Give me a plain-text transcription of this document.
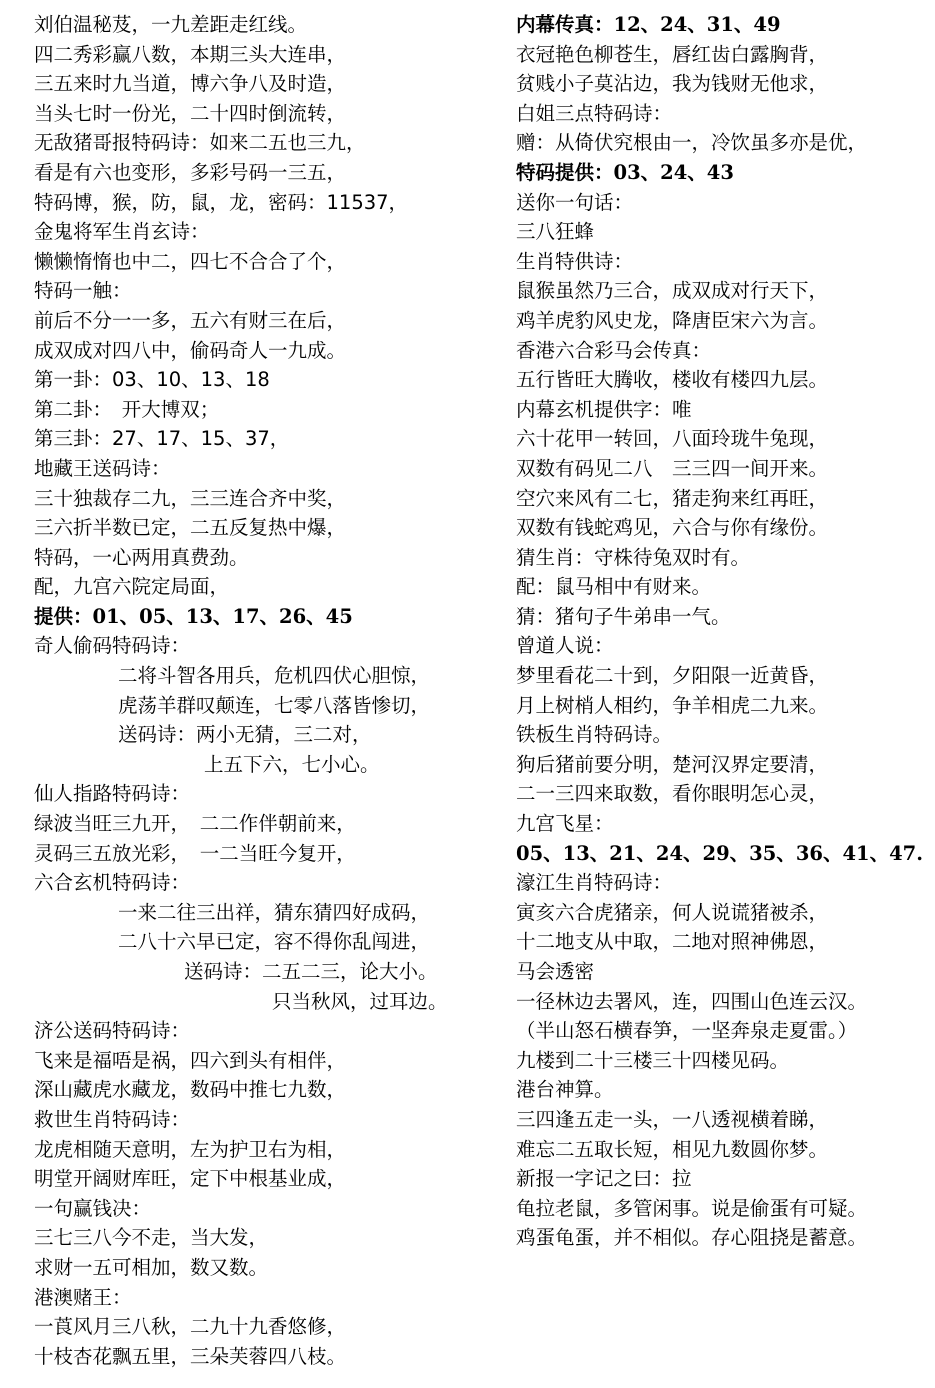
刘伯温秘芨，一九差距走红线。
四二秀彩赢八数，本期三头大连串，
三五来时九当道，博六争八及时造，
当头七时一份光，二十四时倒流转，
无敌猪哥报特码诗：如来二五也三九，
看是有六也变形，多彩号码一三五，
特码博，猴，防，鼠，龙，密码：11537，
金鬼将军生肖玄诗：
懒懒惰惰也中二，四七不合合了个，
特码一触：
前后不分一一多，五六有财三在后，
成双成对四八中，偷码奇人一九成。
第一卦：03、10、13、18
第二卦：　开大博双；
第三卦：27、17、15、37，
地藏王送码诗：
三十独裁存二九，三三连合齐中奖，
三六折半数已定，二五反复热中爆，
特码，一心两用真费劲。
配，九宫六院定局面，
提供：01、05、13、17、26、45
奇人偷码特码诗：
二将斗智各用兵，危机四伏心胆惊，
虎荡羊群叹颠连，七零八落皆惨切，
送码诗：两小无猜，三二对，
上五下六，七小心。
仙人指路特码诗：
绿波当旺三九开，　二二作伴朝前来，
灵码三五放光彩，　一二当旺今复开，
六合玄机特码诗：
一来二往三出祥，猜东猜四好成码，
二八十六早已定，容不得你乱闯进，
送码诗：二五二三，论大小。
只当秋风，过耳边。
济公送码特码诗：
飞来是福唔是祸，四六到头有相伴，
深山藏虎水藏龙，数码中推七九数，
救世生肖特码诗：
龙虎相随天意明，左为护卫右为相，
明堂开阔财库旺，定下中根基业成，
一句赢钱决：
三七三八今不走，当大发，
求财一五可相加，数又数。
港澳赌王：
一莨风月三八秋，二九十九香悠修，
十枝杏花飘五里，三朵芙蓉四八枝。
内幕传真：12、24、31、49
衣冠艳色柳苍生，唇红齿白露胸背，
贫贱小子莫沾边，我为钱财无他求，
白姐三点特码诗：
赠：从倚伏究根由一，冷饮虽多亦是优，
特码提供：03、24、43
送你一句话：
三八狂蜂
生肖特供诗：
鼠猴虽然乃三合，成双成对行天下，
鸡羊虎豹风史龙，降唐臣宋六为言。
香港六合彩马会传真：
五行皆旺大腾收，楼收有楼四九层。
内幕玄机提供字：唯
六十花甲一转回，八面玲珑牛兔现，
双数有码见二八　三三四一间开来。
空穴来风有二七，猪走狗来红再旺，
双数有钱蛇鸡见，六合与你有缘份。
猜生肖：守株待兔双时有。
配：鼠马相中有财来。
猜：猪句子牛弟串一气。
曾道人说：
梦里看花二十到，夕阳限一近黄昏，
月上树梢人相约，争羊相虎二九来。
铁板生肖特码诗。
狗后猪前要分明，楚河汉界定要清，
二一三四来取数，看你眼明怎心灵，
九宫飞星：
05、13、21、24、29、35、36、41、47.
濠江生肖特码诗：
寅亥六合虎猪亲，何人说谎猪被杀，
十二地支从中取，二地对照神佛恩，
马会透密
一径林边去署风，连，四围山色连云汉。
（半山怒石横春笋，一坚奔泉走夏雷。）
九楼到二十三楼三十四楼见码。
港台神算。
三四逢五走一头，一八透视横着睇，
难忘二五取长短，相见九数圆你梦。
新报一字记之曰：拉
龟拉老鼠，多管闲事。说是偷蛋有可疑。
鸡蛋龟蛋，并不相似。存心阻挠是蓄意。
